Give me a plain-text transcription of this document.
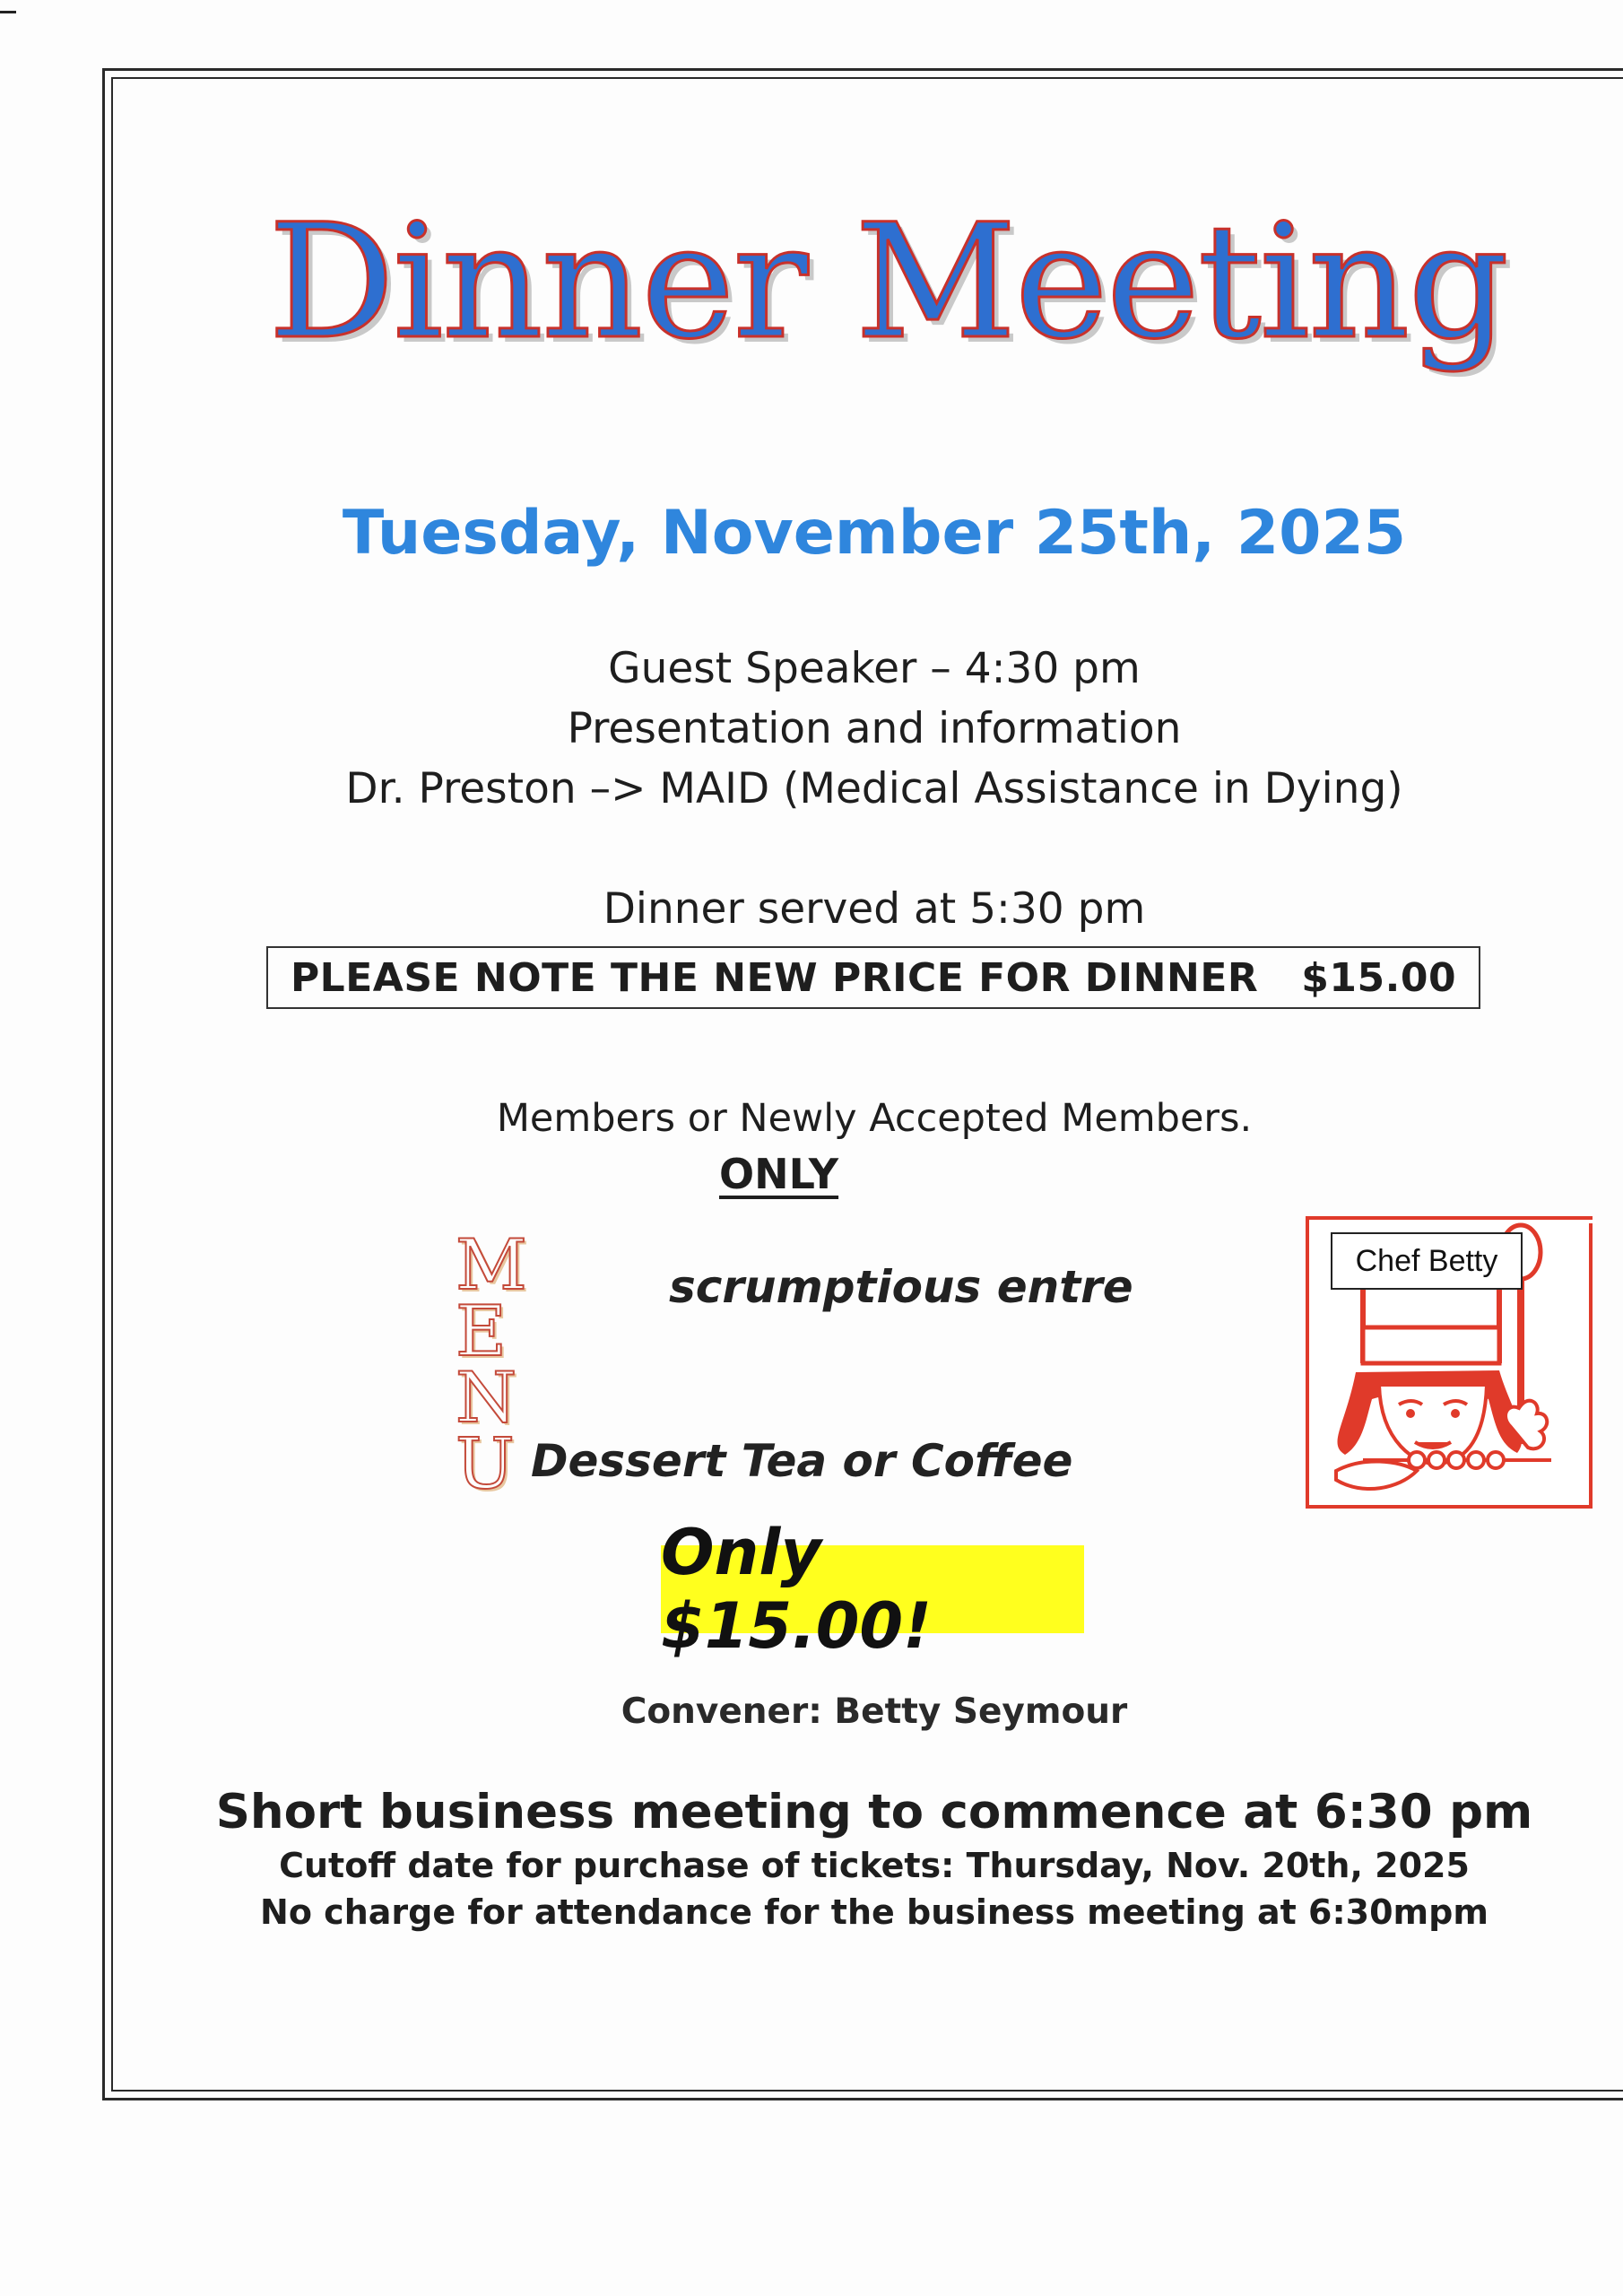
Dinner Meeting
Tuesday, November 25th, 2025
Guest Speaker – 4:30 pm
Presentation and information
Dr. Preston –> MAID (Medical Assistance in Dying)
Dinner served at 5:30 pm
PLEASE NOTE THE NEW PRICE FOR DINNER $15.00
Members or Newly Accepted Members.
ONLY
M
E
N
U
scrumptious entre
Dessert Tea or Coffee
Only $15.00!
Convener: Betty Seymour
Short business meeting to commence at 6:30 pm
Cutoff date for purchase of tickets: Thursday, Nov. 20th, 2025
No charge for attendance for the business meeting at 6:30mpm
Chef Betty
